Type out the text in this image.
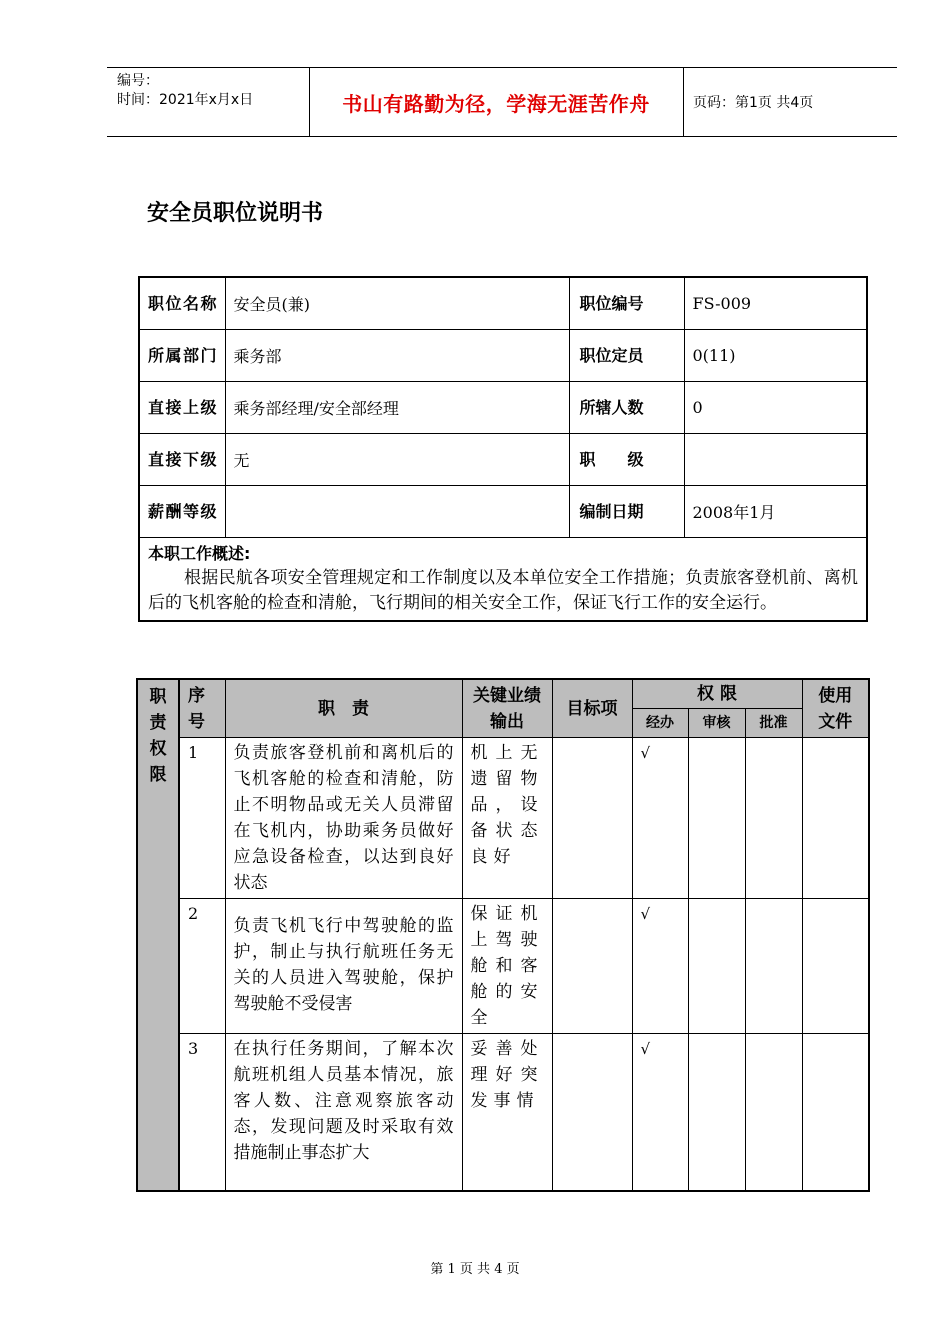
编号：
时间：2021年x月x日	书山有路勤为径，学海无涯苦作舟	页码：第1页 共4页
安全员职位说明书
职位名称	安全员(兼)	职位编号	FS-009

所属部门	乘务部	职位定员	0(11)

直接上级	乘务部经理/安全部经理	所辖人数	0

直接下级	无	职　　级	

薪酬等级		编制日期	2008年1月

本职工作概述:
根据民航各项安全管理规定和工作制度以及本单位安全工作措施；负责旅客登机前、离机后的飞机客舱的检查和清舱，飞行期间的相关安全工作，保证飞行工作的安全运行。			
职责权限	序号	职　责	关键业绩输出	目标项	权 限			使用文件

					经办	审核	批准	
	1	负责旅客登机前和离机后的飞机客舱的检查和清舱，防止不明物品或无关人员滞留在飞机内，协助乘务员做好应急设备检查，以达到良好状态	机上无遗留物品，设备状态良好		√			
	2	负责飞机飞行中驾驶舱的监护，制止与执行航班任务无关的人员进入驾驶舱，保护驾驶舱不受侵害	保证机上驾驶舱和客舱的安全		√			
	3	在执行任务期间，了解本次航班机组人员基本情况，旅客人数、注意观察旅客动态，发现问题及时采取有效措施制止事态扩大	妥善处理好突发事情		√			
第 1 页 共 4 页
